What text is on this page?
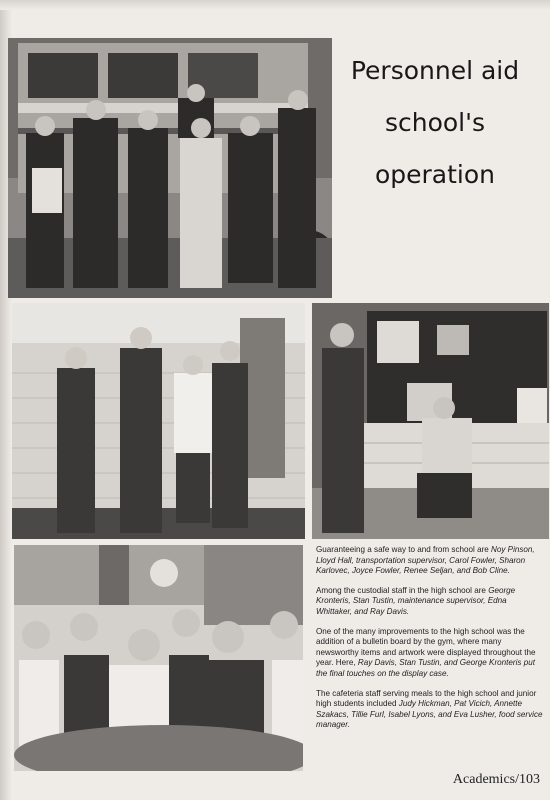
Personnel aid
school's
operation

Guaranteeing a safe way to and from school are Noy Pinson, Lloyd Hall, transportation supervisor, Carol Fowler, Sharon Karlovec, Joyce Fowler, Renee Seljan, and Bob Cline.

Among the custodial staff in the high school are George Kronteris, Stan Tustin, maintenance supervisor, Edna Whittaker, and Ray Davis.

One of the many improvements to the high school was the addition of a bulletin board by the gym, where many newsworthy items and artwork were displayed throughout the year. Here, Ray Davis, Stan Tustin, and George Kronteris put the final touches on the display case.

The cafeteria staff serving meals to the high school and junior high students included Judy Hickman, Pat Vicich, Annette Szakacs, Tillie Furl, Isabel Lyons, and Eva Lusher, food service manager.

Academics/103
